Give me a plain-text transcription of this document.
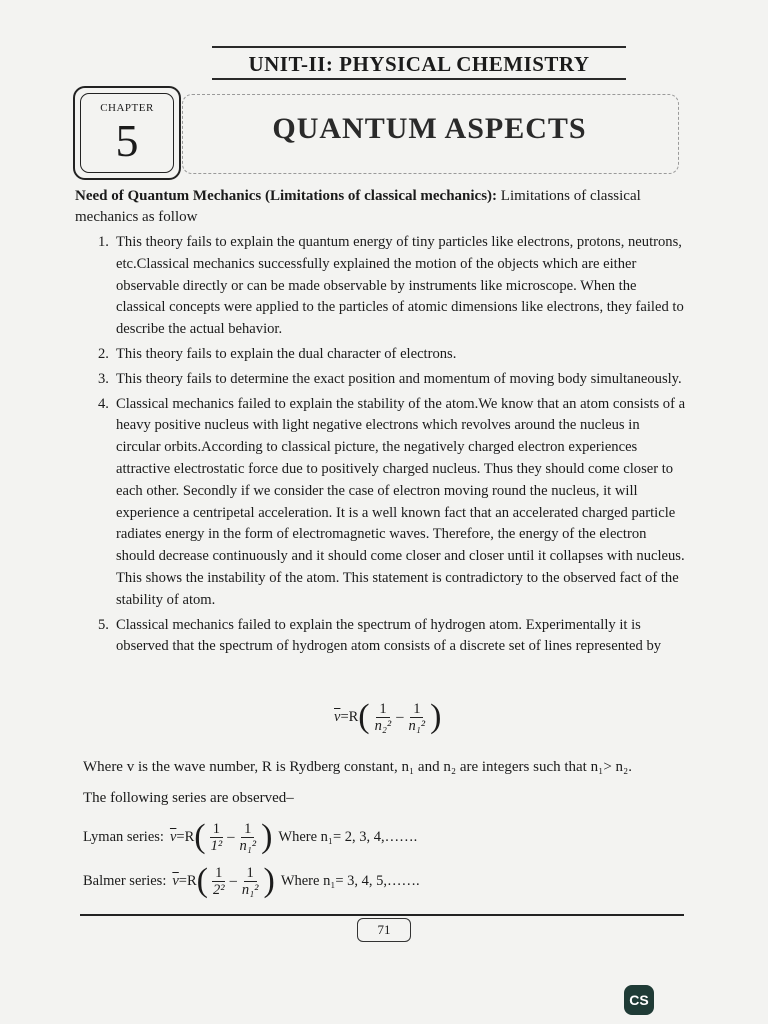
UNIT-II: PHYSICAL CHEMISTRY
CHAPTER
5	QUANTUM ASPECTS
Need of Quantum Mechanics (Limitations of classical mechanics): Limitations of classical mechanics as follow
1. This theory fails to explain the quantum energy of tiny particles like electrons, protons, neutrons, etc.Classical mechanics successfully explained the motion of the objects which are either observable directly or can be made observable by instruments like microscope. When the classical concepts were applied to the particles of atomic dimensions like electrons, they failed to describe the actual behavior.
2. This theory fails to explain the dual character of electrons.
3. This theory fails to determine the exact position and momentum of moving body simultaneously.
4. Classical mechanics failed to explain the stability of the atom.We know that an atom consists of a heavy positive nucleus with light negative electrons which revolves around the nucleus in circular orbits.According to classical picture, the negatively charged electron experiences attractive electrostatic force due to positively charged nucleus. Thus they should come closer to each other. Secondly if we consider the case of electron moving round the nucleus, it will experience a centripetal acceleration. It is a well known fact that an accelerated charged particle radiates energy in the form of electromagnetic waves. Therefore, the energy of the electron should decrease continuously and it should come closer and closer until it collapses with nucleus. This shows the instability of the atom. This statement is contradictory to the observed fact of the stability of atom.
5. Classical mechanics failed to explain the spectrum of hydrogen atom. Experimentally it is observed that the spectrum of hydrogen atom consists of a discrete set of lines represented by
$\overline{v} =R$ ( $\frac{1}{\text{n₂²}} - \frac{1}{\text{n₁²}}$ )
Where v is the wave number, R is Rydberg constant, n₁ and n₂ are integers such that n₁> n₂.
The following series are observed–
Lyman series: $\overline{v} =R$ ( $\frac{1}{\text{1²}} - \frac{1}{\text{n₁²}}$ ) Where n₁= 2, 3, 4,…….
Balmer series: $\overline{v} =R$ ( $\frac{1}{\text{2²}} - \frac{1}{\text{n₁²}}$ ) Where n₁= 3, 4, 5,…….
71
CS
